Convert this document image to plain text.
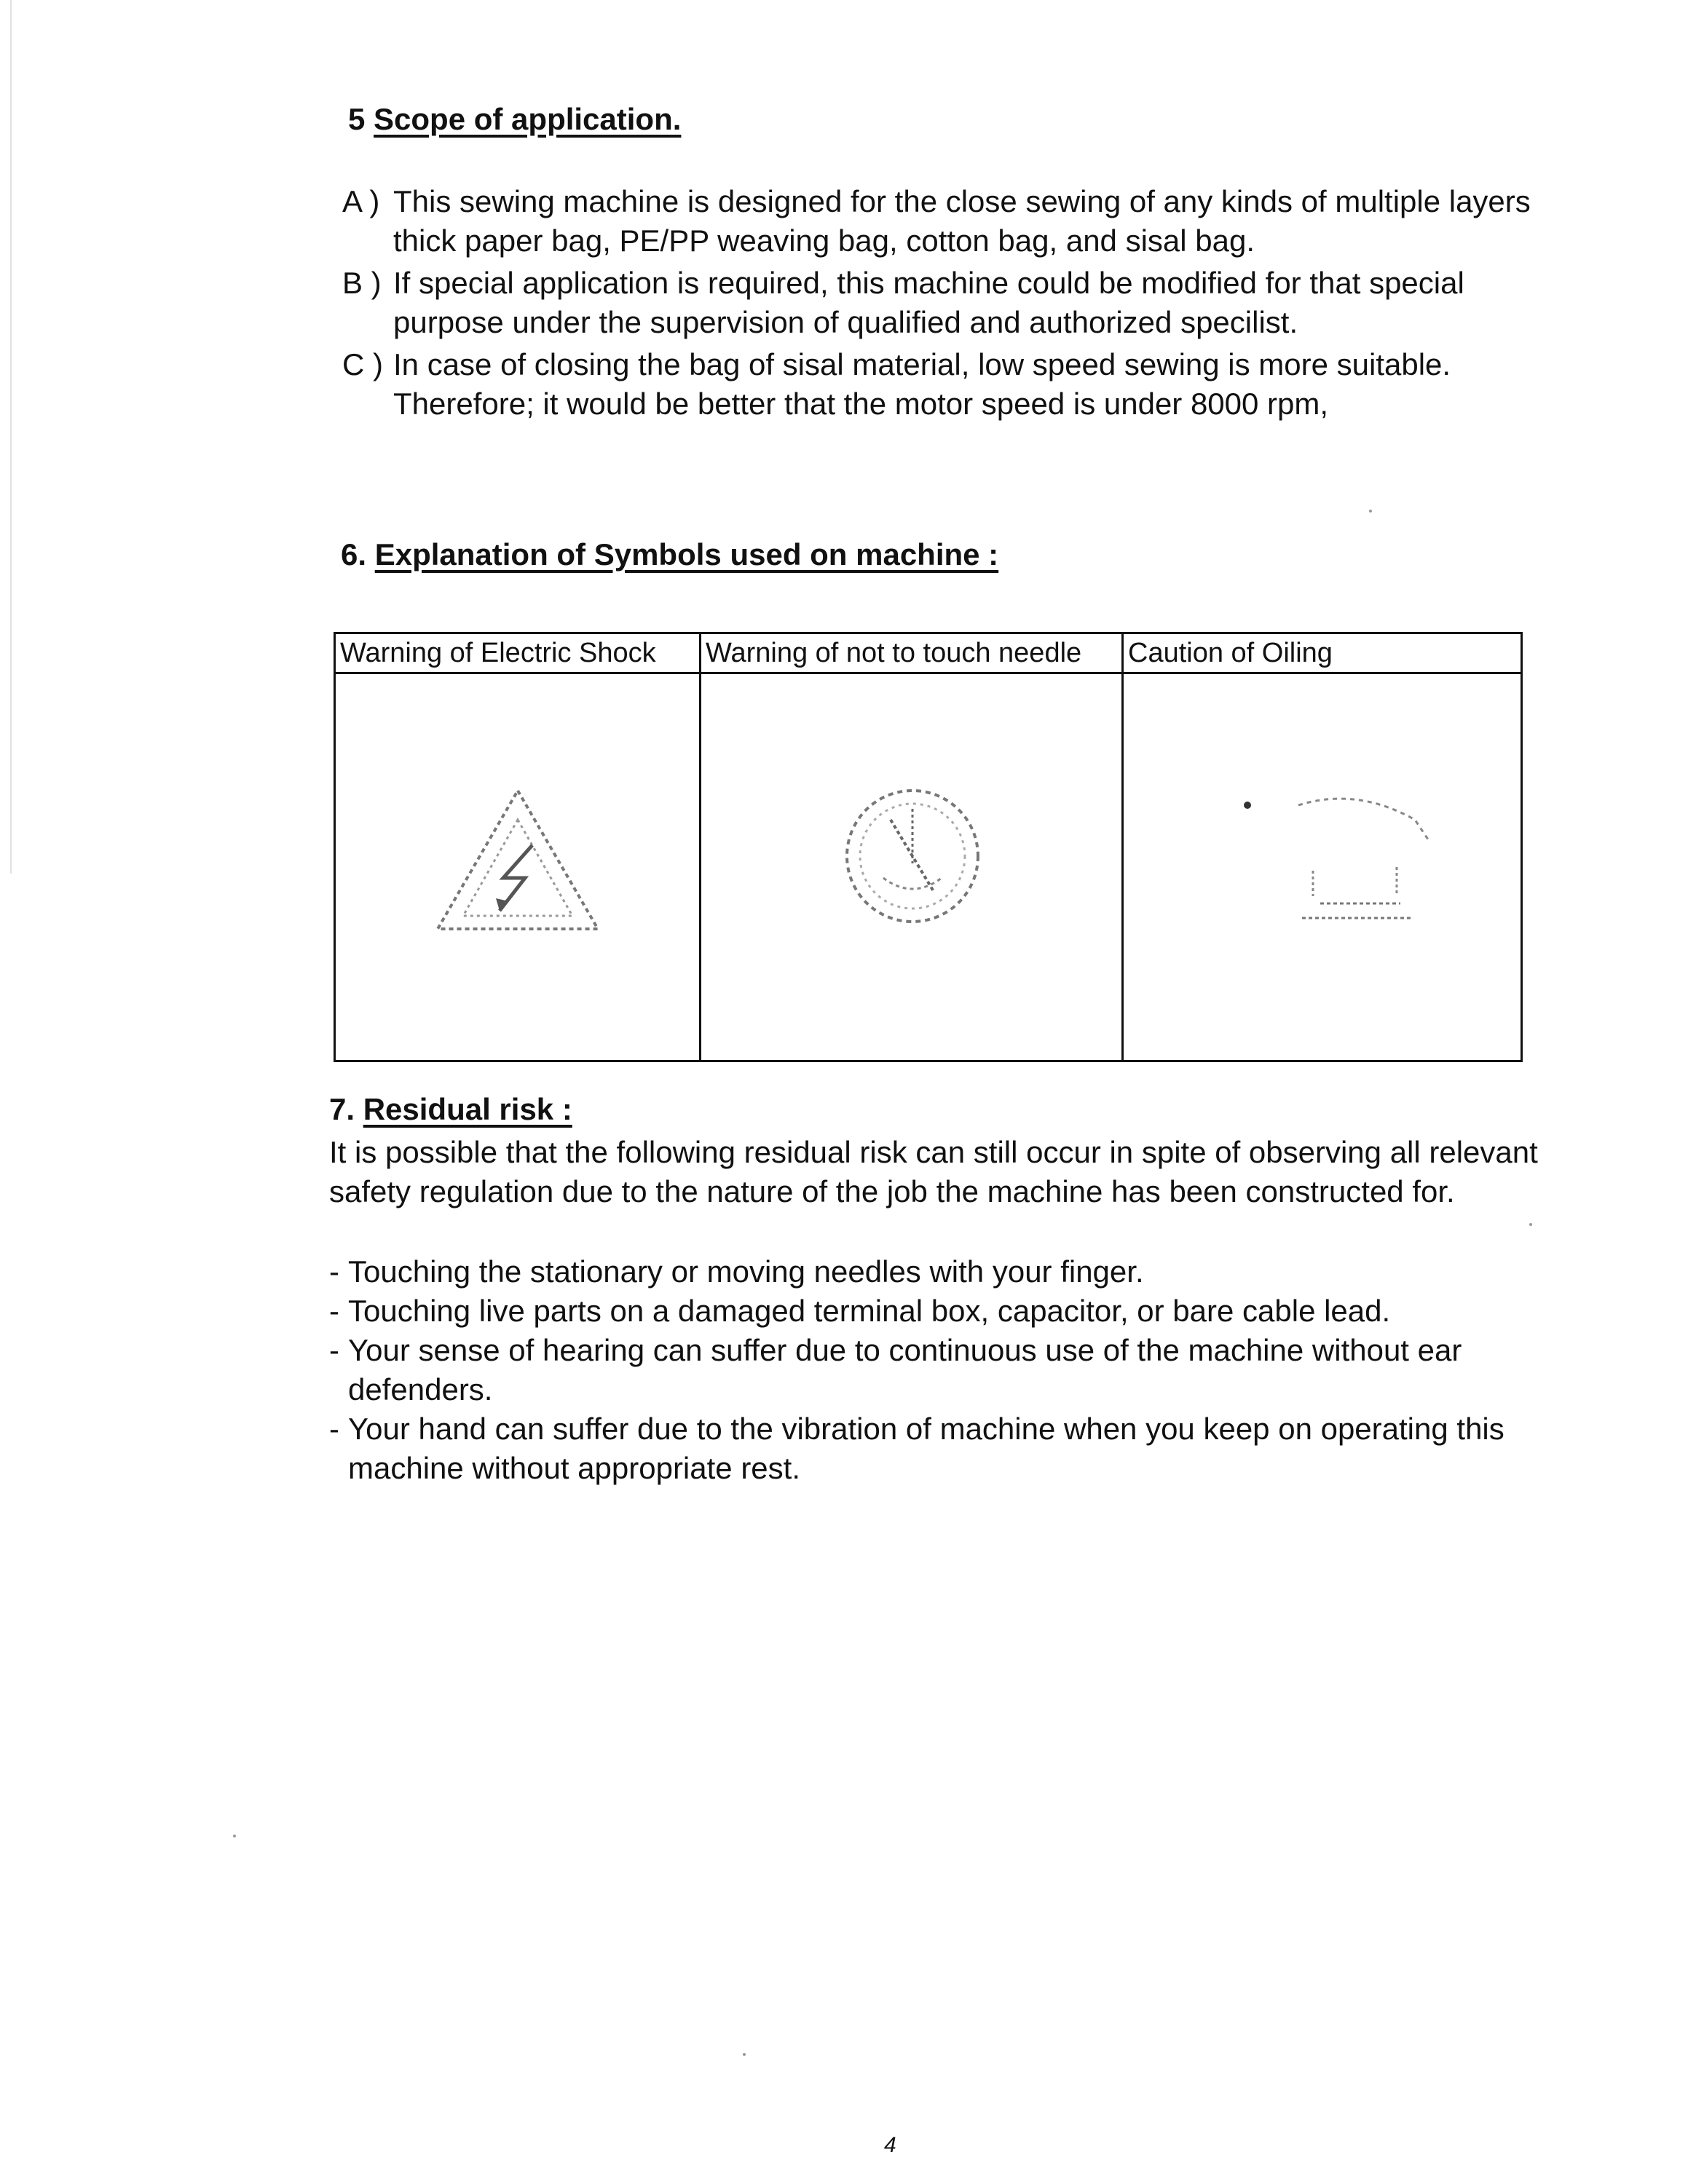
5 Scope of application.
A ) This sewing machine is designed for the close sewing of any kinds of multiple layers thick paper bag, PE/PP weaving bag, cotton bag, and sisal bag.
B ) If special application is required, this machine could be modified for that special purpose under the supervision of qualified and authorized specilist.
C ) In case of closing the bag of sisal material, low speed sewing is more suitable. Therefore; it would be better that the motor speed is under 8000 rpm,
6. Explanation of Symbols used on machine :
Warning of Electric Shock	Warning of not to touch needle	Caution of Oiling

7. Residual risk :
It is possible that the following residual risk can still occur in spite of observing all relevant safety regulation due to the nature of the job the machine has been constructed for.
- Touching the stationary or moving needles with your finger.
- Touching live parts on a damaged terminal box, capacitor, or bare cable lead.
- Your sense of hearing can suffer due to continuous use of the machine without ear defenders.
- Your hand can suffer due to the vibration of machine when you keep on operating this machine without appropriate rest.
4
